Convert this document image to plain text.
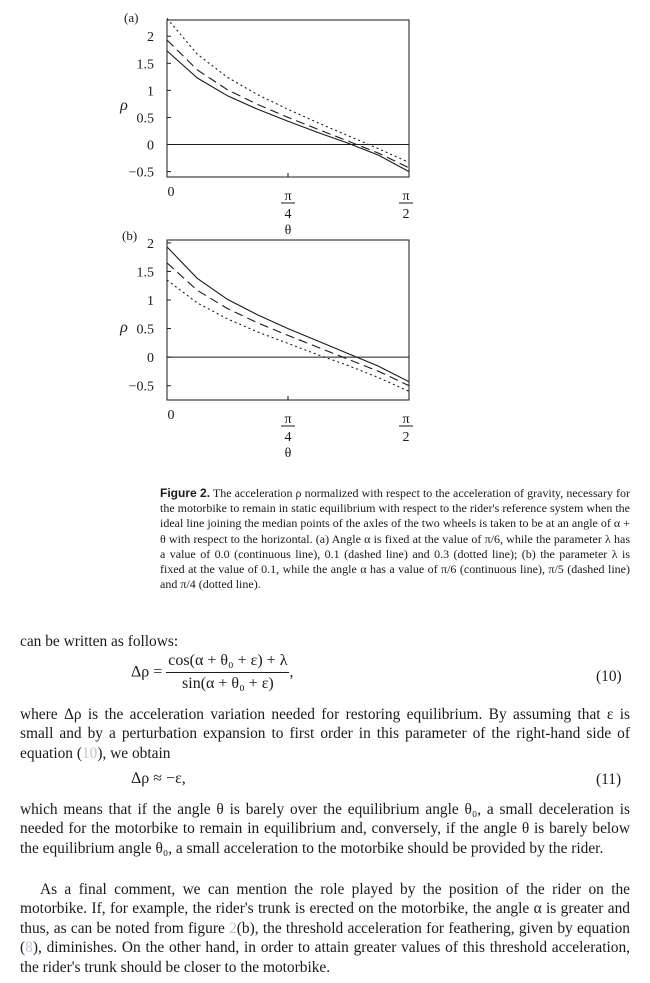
(a)
2
1.5
1
0.5
0
−0.5
ρ
0	π
4
θ
π
2
(b)
2
1.5
1
0.5
0
−0.5
ρ
0	π
4
θ
π
2
Figure 2. The acceleration ρ normalized with respect to the acceleration of gravity, necessary for the motorbike to remain in static equilibrium with respect to the rider's reference system when the ideal line joining the median points of the axles of the two wheels is taken to be at an angle of α + θ with respect to the horizontal. (a) Angle α is fixed at the value of π/6, while the parameter λ has a value of 0.0 (continuous line), 0.1 (dashed line) and 0.3 (dotted line); (b) the parameter λ is fixed at the value of 0.1, while the angle α has a value of π/6 (continuous line), π/5 (dashed line) and π/4 (dotted line).
can be written as follows:
$\Delta\rho = \frac{\text{cos(α + θ₀ + ε) + λ}}{\text{sin(α + θ₀ + ε)}}$ ,	(10)
where Δρ is the acceleration variation needed for restoring equilibrium. By assuming that ε is small and by a perturbation expansion to first order in this parameter of the right-hand side of equation (10), we obtain
Δρ ≈ −ε,	(11)
which means that if the angle θ is barely over the equilibrium angle θ₀, a small deceleration is needed for the motorbike to remain in equilibrium and, conversely, if the angle θ is barely below the equilibrium angle θ₀, a small acceleration to the motorbike should be provided by the rider.
As a final comment, we can mention the role played by the position of the rider on the motorbike. If, for example, the rider's trunk is erected on the motorbike, the angle α is greater and thus, as can be noted from figure 2(b), the threshold acceleration for feathering, given by equation (8), diminishes. On the other hand, in order to attain greater values of this threshold acceleration, the rider's trunk should be closer to the motorbike.
